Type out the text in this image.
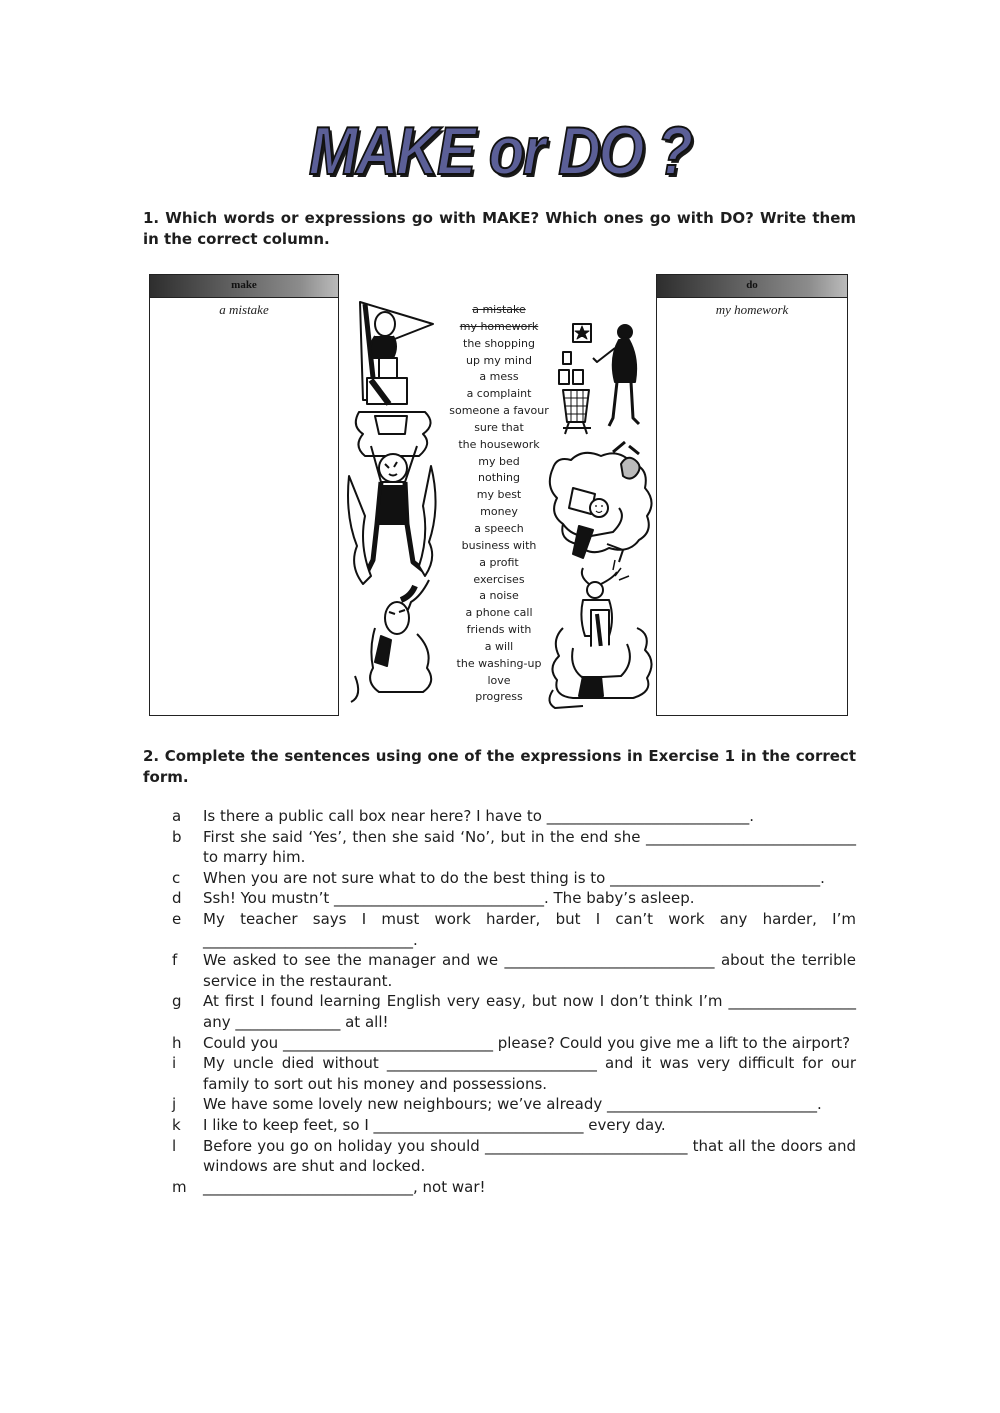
MAKE or DO ?
1. Which words or expressions go with MAKE? Which ones go with DO? Write them in the correct column.
make
a mistake
do
my homework
a mistake
my homework
the shopping
up my mind
a mess
a complaint
someone a favour
sure that
the housework
my bed
nothing
my best
money
a speech
business with
a profit
exercises
a noise
a phone call
friends with
a will
the washing-up
love
progress
2. Complete the sentences using one of the expressions in Exercise 1 in the correct form.
a Is there a public call box near here? I have to ___________________________.
b First she said ‘Yes’, then she said ‘No’, but in the end she ____________________________ to marry him.
c When you are not sure what to do the best thing is to ____________________________.
d Ssh! You mustn’t ____________________________. The baby’s asleep.
e My teacher says I must work harder, but I can’t work any harder, I’m ____________________________.
f We asked to see the manager and we ____________________________ about the terrible service in the restaurant.
g At first I found learning English very easy, but now I don’t think I’m _________________ any ______________ at all!
h Could you ____________________________ please? Could you give me a lift to the airport?
i My uncle died without ____________________________ and it was very difficult for our family to sort out his money and possessions.
j We have some lovely new neighbours; we’ve already ____________________________.
k I like to keep feet, so I ____________________________ every day.
l Before you go on holiday you should ___________________________ that all the doors and windows are shut and locked.
m ____________________________, not war!
